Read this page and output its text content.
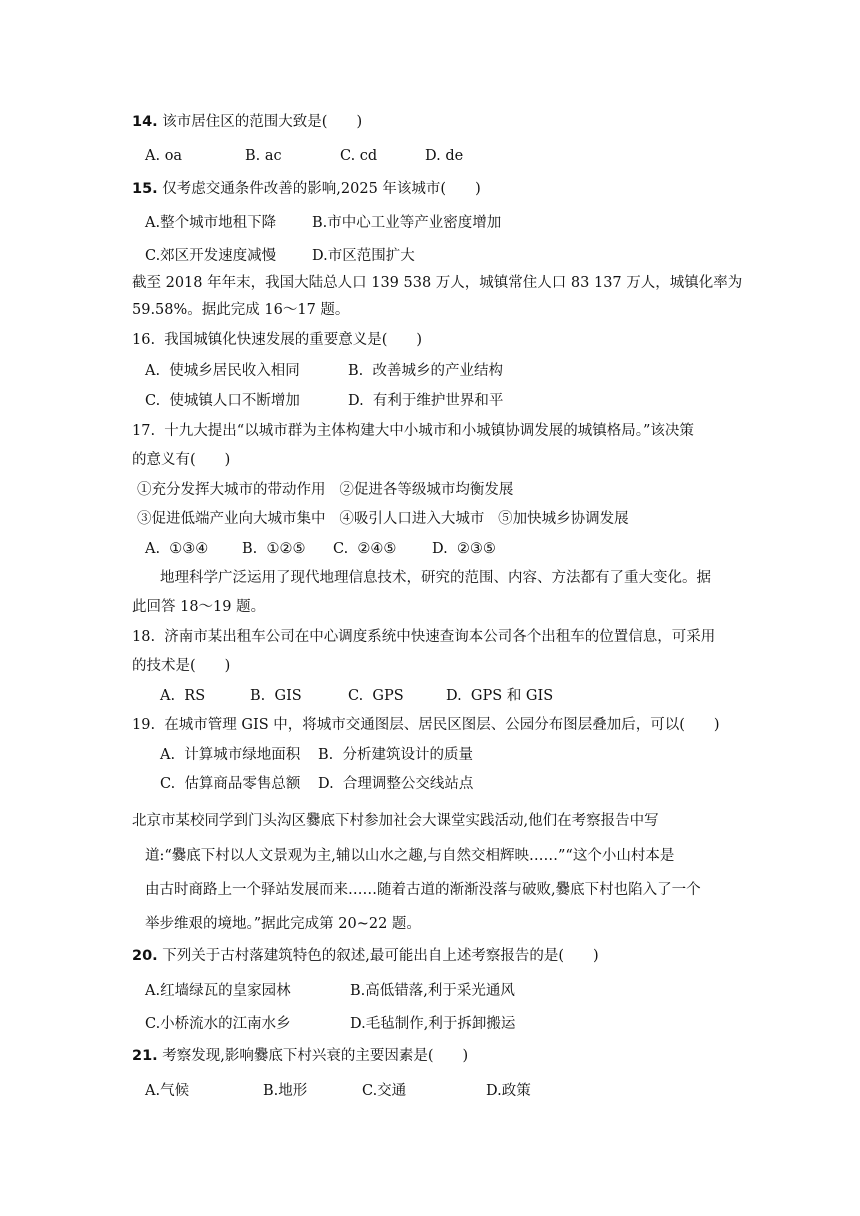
14. 该市居住区的范围大致是(　　)
A. oa	B. ac	C. cd	D. de
15. 仅考虑交通条件改善的影响,2025 年该城市(　　)
A.整个城市地租下降 B.市中心工业等产业密度增加
C.郊区开发速度减慢 D.市区范围扩大
截至 2018 年年末，我国大陆总人口 139 538 万人，城镇常住人口 83 137 万人，城镇化率为
59.58%。据此完成 16～17 题。
16.  我国城镇化快速发展的重要意义是(　　)
A.  使城乡居民收入相同	B.  改善城乡的产业结构
C.  使城镇人口不断增加	D.  有利于维护世界和平
17.  十九大提出“以城市群为主体构建大中小城市和小城镇协调发展的城镇格局。”该决策
的意义有(　　)
①充分发挥大城市的带动作用   ②促进各等级城市均衡发展
③促进低端产业向大城市集中   ④吸引人口进入大城市   ⑤加快城乡协调发展
A.  ①③④ B.  ①②⑤ C.  ②④⑤ D.  ②③⑤
地理科学广泛运用了现代地理信息技术，研究的范围、内容、方法都有了重大变化。据
此回答 18～19 题。
18.  济南市某出租车公司在中心调度系统中快速查询本公司各个出租车的位置信息，可采用
的技术是(　　)
A.  RS	B.  GIS	C.  GPS	D.  GPS 和 GIS
19.  在城市管理 GIS 中，将城市交通图层、居民区图层、公园分布图层叠加后，可以(　　)
A.  计算城市绿地面积 B.  分析建筑设计的质量
C.  估算商品零售总额 D.  合理调整公交线站点
北京市某校同学到门头沟区爨底下村参加社会大课堂实践活动,他们在考察报告中写
道:“爨底下村以人文景观为主,辅以山水之趣,与自然交相辉映……”“这个小山村本是
由古时商路上一个驿站发展而来……随着古道的渐渐没落与破败,爨底下村也陷入了一个
举步维艰的境地。”据此完成第 20~22 题。
20. 下列关于古村落建筑特色的叙述,最可能出自上述考察报告的是(　　)
A.红墙绿瓦的皇家园林	B.高低错落,利于采光通风
C.小桥流水的江南水乡	D.毛毡制作,利于拆卸搬运
21. 考察发现,影响爨底下村兴衰的主要因素是(　　)
A.气候	B.地形	C.交通	D.政策
